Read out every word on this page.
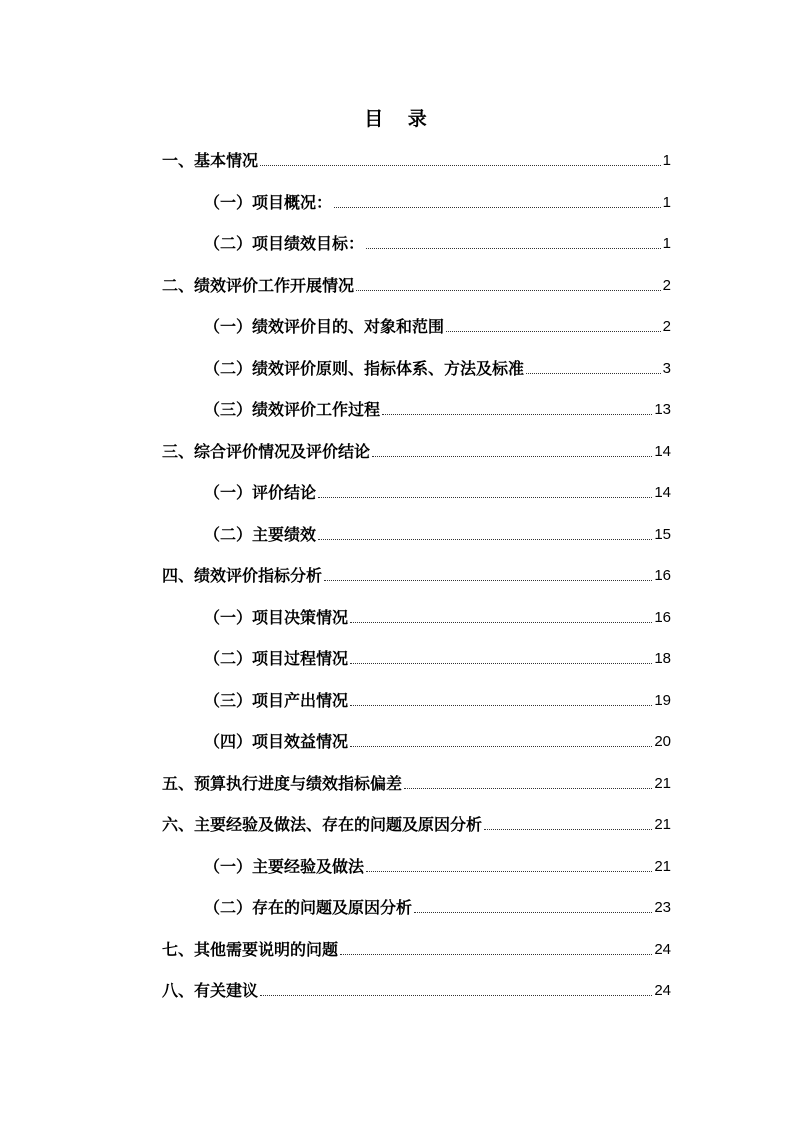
目 录
一、基本情况	1
（一）项目概况：	1
（二）项目绩效目标：	1
二、绩效评价工作开展情况	2
（一）绩效评价目的、对象和范围	2
（二）绩效评价原则、指标体系、方法及标准	3
（三）绩效评价工作过程	13
三、综合评价情况及评价结论	14
（一）评价结论	14
（二）主要绩效	15
四、绩效评价指标分析	16
（一）项目决策情况	16
（二）项目过程情况	18
（三）项目产出情况	19
（四）项目效益情况	20
五、预算执行进度与绩效指标偏差	21
六、主要经验及做法、存在的问题及原因分析	21
（一）主要经验及做法	21
（二）存在的问题及原因分析	23
七、其他需要说明的问题	24
八、有关建议	24
